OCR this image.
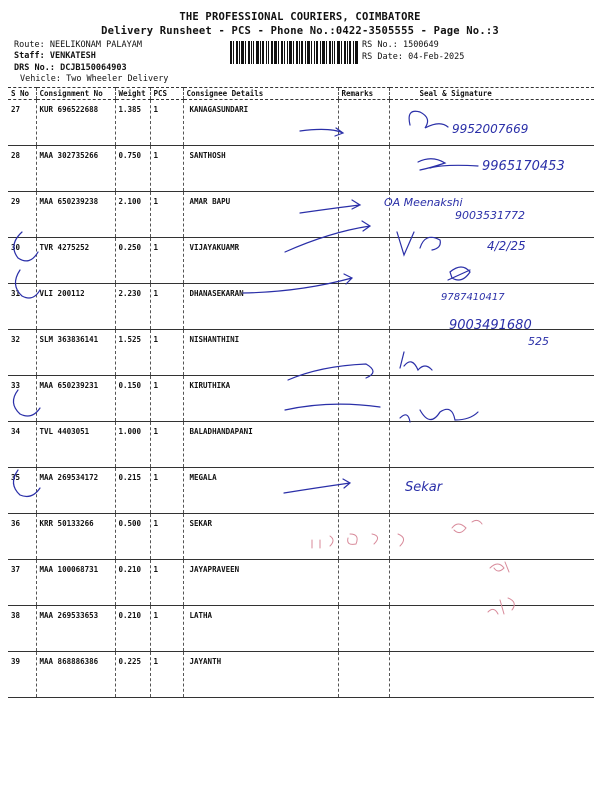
THE PROFESSIONAL COURIERS, COIMBATORE
Delivery Runsheet - PCS - Phone No.:0422-3505555 - Page No.:3
Route: NEELIKONAM PALAYAM
Staff: VENKATESH
DRS No.: DCJB150064903
Vehicle: Two Wheeler Delivery
RS No.: 1500649
RS Date: 04-Feb-2025
S No	Consignment No	Weight	PCS	Consignee Details	Remarks	Seal & Signature
27	KUR 696522688	1.385	1	KANAGASUNDARI		
28	MAA 302735266	0.750	1	SANTHOSH		
29	MAA 650239238	2.100	1	AMAR BAPU		
30	TVR 4275252	0.250	1	VIJAYAKUAMR		
31	VLI 200112	2.230	1	DHANASEKARAN		
32	SLM 363836141	1.525	1	NISHANTHINI		
33	MAA 650239231	0.150	1	KIRUTHIKA		
34	TVL 4403051	1.000	1	BALADHANDAPANI		
35	MAA 269534172	0.215	1	MEGALA		
36	KRR 50133266	0.500	1	SEKAR		
37	MAA 100068731	0.210	1	JAYAPRAVEEN		
38	MAA 269533653	0.210	1	LATHA		
39	MAA 868886386	0.225	1	JAYANTH		
9952007669
9965170453
OA Meenakshi
9003531772
4/2/25
9787410417
9003491680
525
Sekar
